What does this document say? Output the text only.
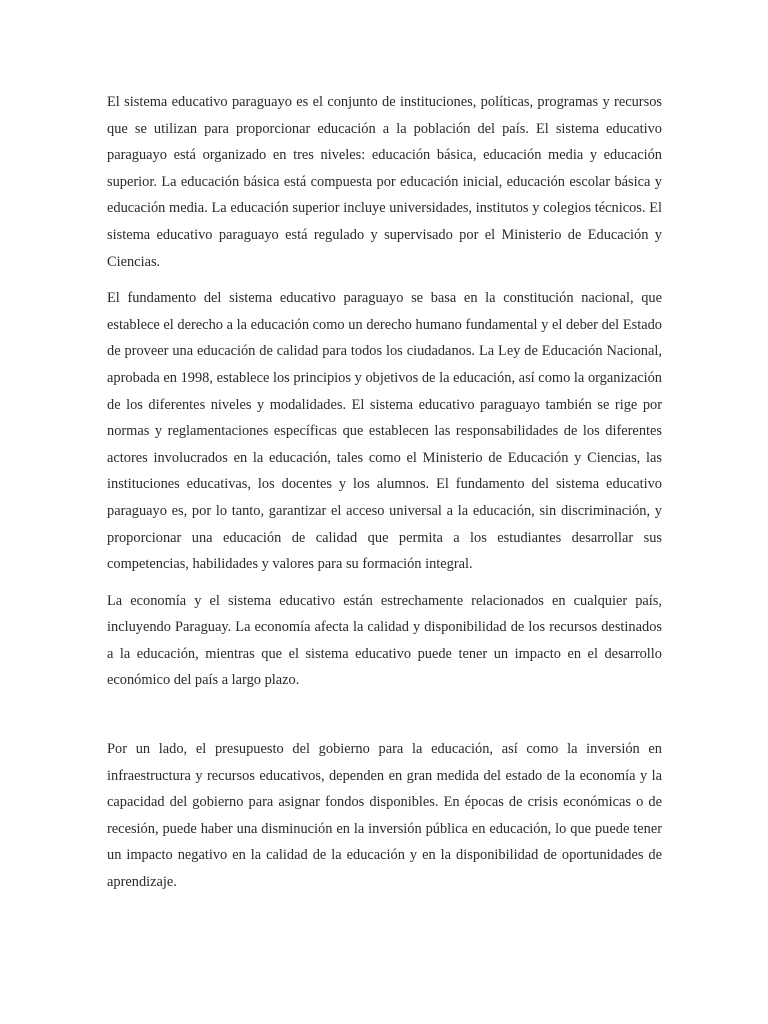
El sistema educativo paraguayo es el conjunto de instituciones, políticas, programas y recursos que se utilizan para proporcionar educación a la población del país. El sistema educativo paraguayo está organizado en tres niveles: educación básica, educación media y educación superior. La educación básica está compuesta por educación inicial, educación escolar básica y educación media. La educación superior incluye universidades, institutos y colegios técnicos. El sistema educativo paraguayo está regulado y supervisado por el Ministerio de Educación y Ciencias.

El fundamento del sistema educativo paraguayo se basa en la constitución nacional, que establece el derecho a la educación como un derecho humano fundamental y el deber del Estado de proveer una educación de calidad para todos los ciudadanos. La Ley de Educación Nacional, aprobada en 1998, establece los principios y objetivos de la educación, así como la organización de los diferentes niveles y modalidades. El sistema educativo paraguayo también se rige por normas y reglamentaciones específicas que establecen las responsabilidades de los diferentes actores involucrados en la educación, tales como el Ministerio de Educación y Ciencias, las instituciones educativas, los docentes y los alumnos. El fundamento del sistema educativo paraguayo es, por lo tanto, garantizar el acceso universal a la educación, sin discriminación, y proporcionar una educación de calidad que permita a los estudiantes desarrollar sus competencias, habilidades y valores para su formación integral.

La economía y el sistema educativo están estrechamente relacionados en cualquier país, incluyendo Paraguay. La economía afecta la calidad y disponibilidad de los recursos destinados a la educación, mientras que el sistema educativo puede tener un impacto en el desarrollo económico del país a largo plazo.

Por un lado, el presupuesto del gobierno para la educación, así como la inversión en infraestructura y recursos educativos, dependen en gran medida del estado de la economía y la capacidad del gobierno para asignar fondos disponibles. En épocas de crisis económicas o de recesión, puede haber una disminución en la inversión pública en educación, lo que puede tener un impacto negativo en la calidad de la educación y en la disponibilidad de oportunidades de aprendizaje.
